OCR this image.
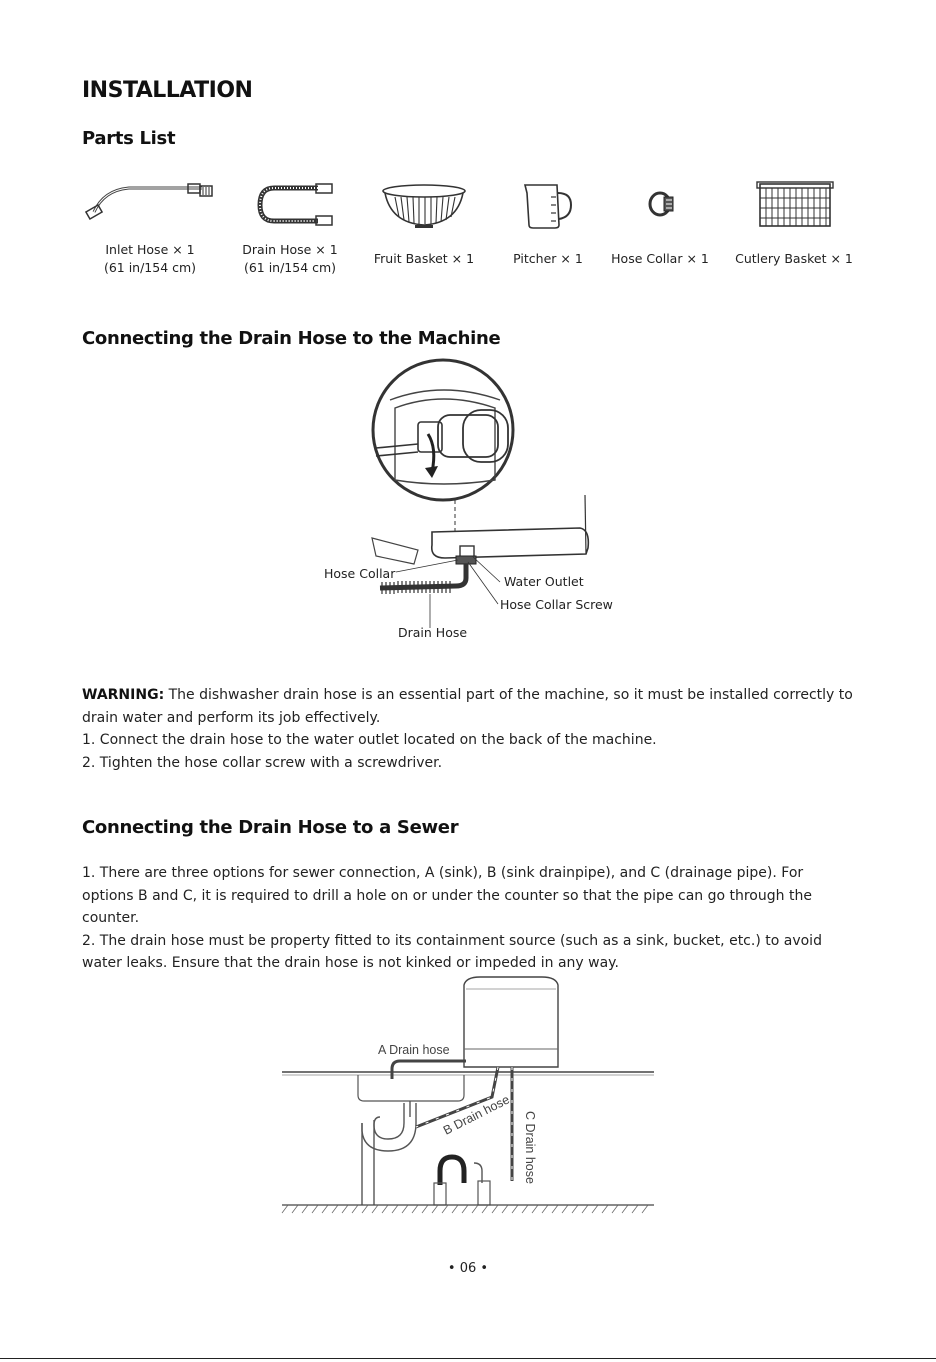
INSTALLATION
Parts List
Inlet Hose × 1
(61 in/154 cm)
Drain Hose × 1
(61 in/154 cm)
Fruit Basket × 1	Pitcher × 1	Hose Collar × 1	Cutlery Basket × 1
Connecting the Drain Hose to the Machine
Hose Collar
Water Outlet
Hose Collar Screw
Drain Hose

WARNING: The dishwasher drain hose is an essential part of the machine, so it must be installed correctly to drain water and perform its job effectively.

1. Connect the drain hose to the water outlet located on the back of the machine.

2. Tighten the hose collar screw with a screwdriver.

Connecting the Drain Hose to a Sewer

1. There are three options for sewer connection, A (sink), B (sink drainpipe), and C (drainage pipe). For options B and C, it is required to drill a hole on or under the counter so that the pipe can go through the counter.

2. The drain hose must be property fitted to its containment source (such as a sink, bucket, etc.) to avoid water leaks. Ensure that the drain hose is not kinked or impeded in any way.

A Drain hose
B Drain hose C Drain hose
• 06 •
